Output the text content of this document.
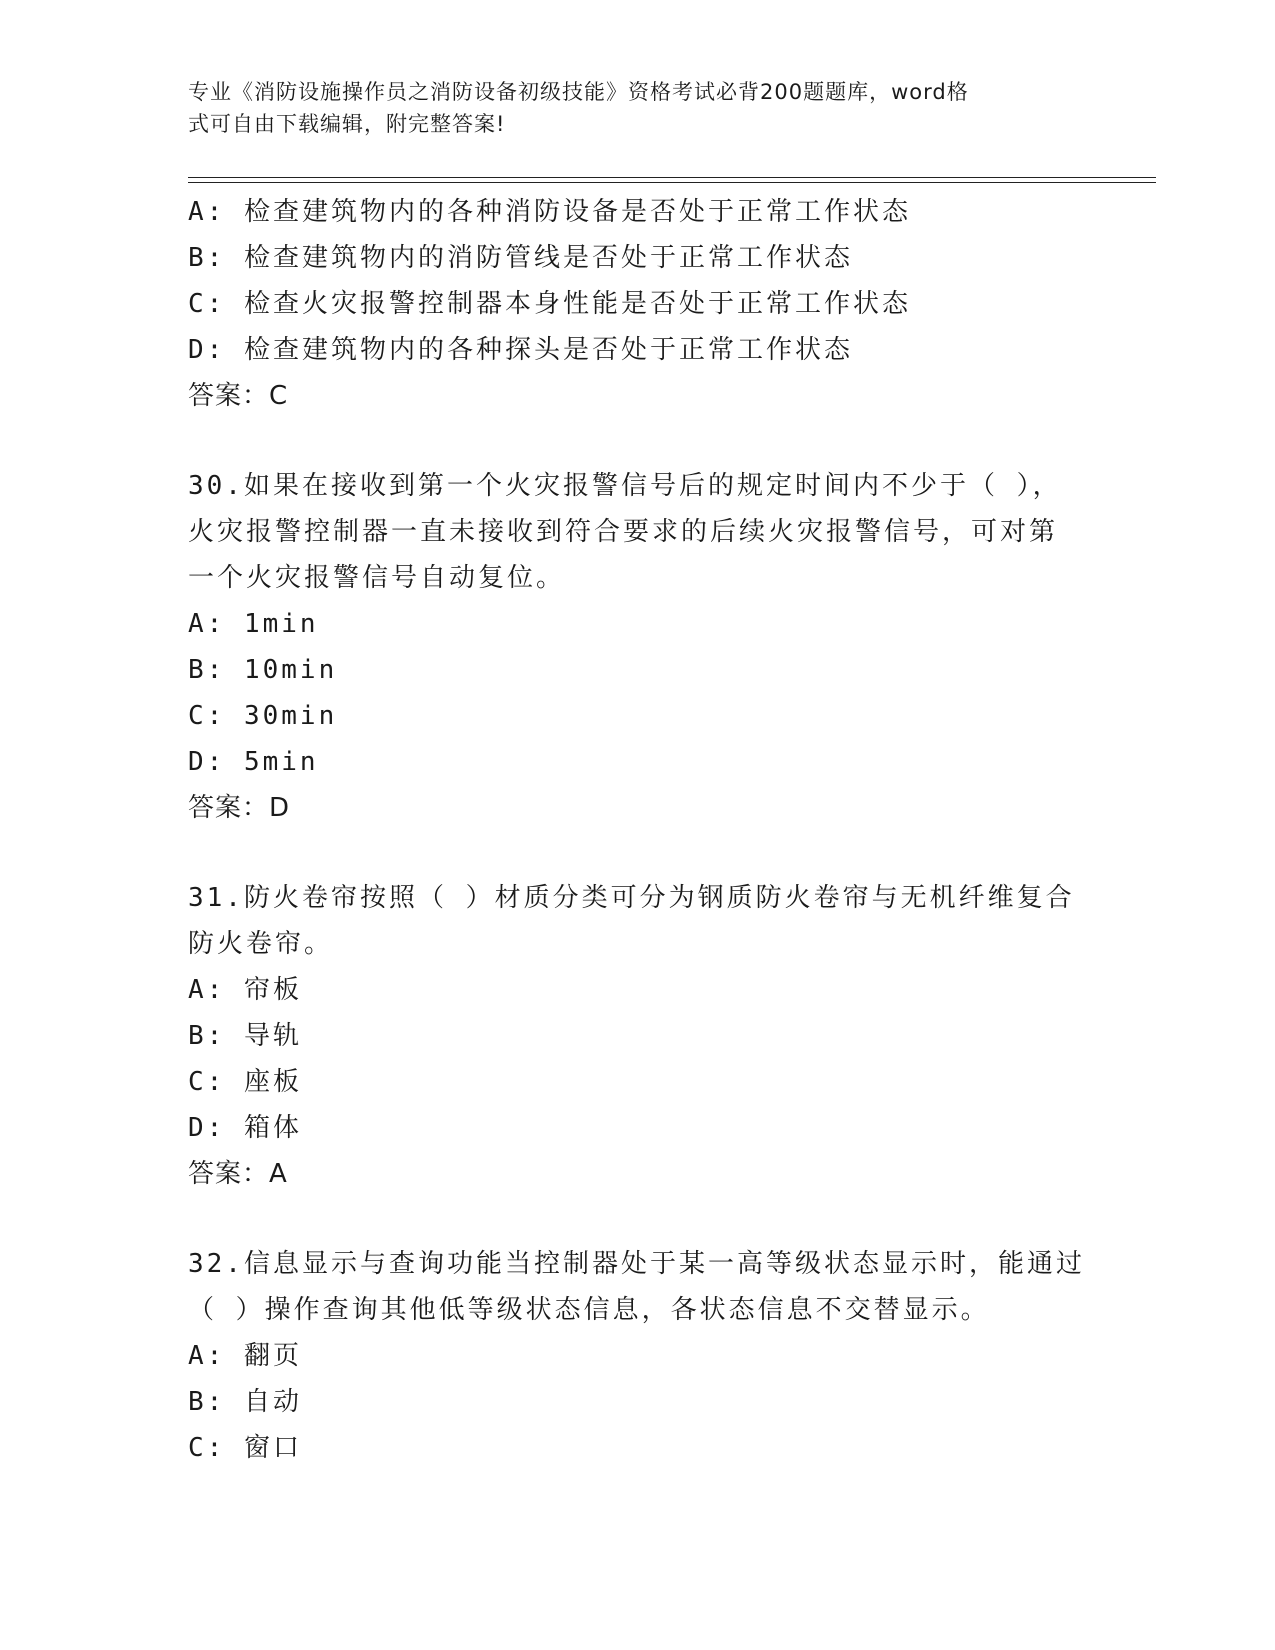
专业《消防设施操作员之消防设备初级技能》资格考试必背200题题库，word格
式可自由下载编辑，附完整答案!
A: 检查建筑物内的各种消防设备是否处于正常工作状态
B: 检查建筑物内的消防管线是否处于正常工作状态
C: 检查火灾报警控制器本身性能是否处于正常工作状态
D: 检查建筑物内的各种探头是否处于正常工作状态
答案：C
30.如果在接收到第一个火灾报警信号后的规定时间内不少于（ ），
火灾报警控制器一直未接收到符合要求的后续火灾报警信号，可对第
一个火灾报警信号自动复位。
A: 1min
B: 10min
C: 30min
D: 5min
答案：D
31.防火卷帘按照（ ）材质分类可分为钢质防火卷帘与无机纤维复合
防火卷帘。
A: 帘板
B: 导轨
C: 座板
D: 箱体
答案：A
32.信息显示与查询功能当控制器处于某一高等级状态显示时，能通过
（ ）操作查询其他低等级状态信息，各状态信息不交替显示。
A: 翻页
B: 自动
C: 窗口
